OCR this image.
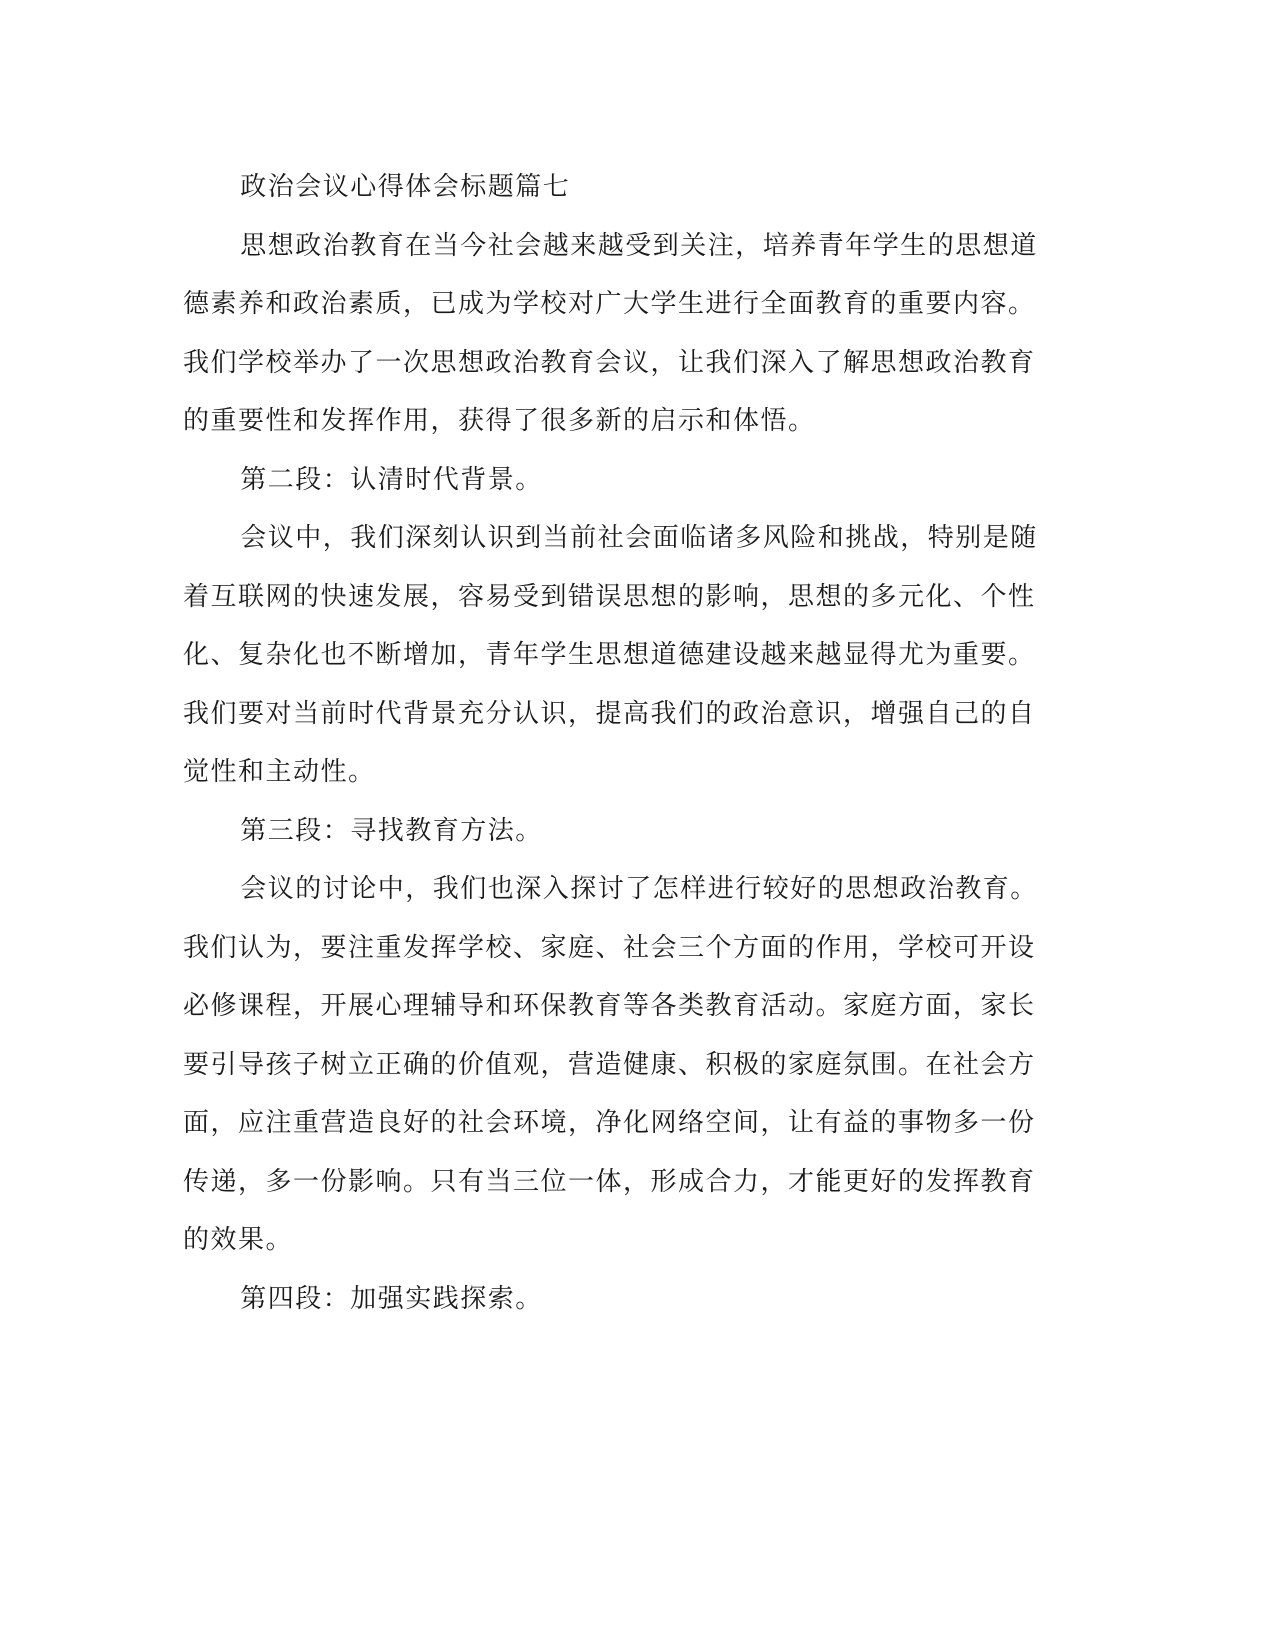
政治会议心得体会标题篇七

思想政治教育在当今社会越来越受到关注，培养青年学生的思想道德素养和政治素质，已成为学校对广大学生进行全面教育的重要内容。我们学校举办了一次思想政治教育会议，让我们深入了解思想政治教育的重要性和发挥作用，获得了很多新的启示和体悟。

第二段：认清时代背景。

会议中，我们深刻认识到当前社会面临诸多风险和挑战，特别是随着互联网的快速发展，容易受到错误思想的影响，思想的多元化、个性化、复杂化也不断增加，青年学生思想道德建设越来越显得尤为重要。我们要对当前时代背景充分认识，提高我们的政治意识，增强自己的自觉性和主动性。

第三段：寻找教育方法。

会议的讨论中，我们也深入探讨了怎样进行较好的思想政治教育。我们认为，要注重发挥学校、家庭、社会三个方面的作用，学校可开设必修课程，开展心理辅导和环保教育等各类教育活动。家庭方面，家长要引导孩子树立正确的价值观，营造健康、积极的家庭氛围。在社会方面，应注重营造良好的社会环境，净化网络空间，让有益的事物多一份传递，多一份影响。只有当三位一体，形成合力，才能更好的发挥教育的效果。

第四段：加强实践探索。
